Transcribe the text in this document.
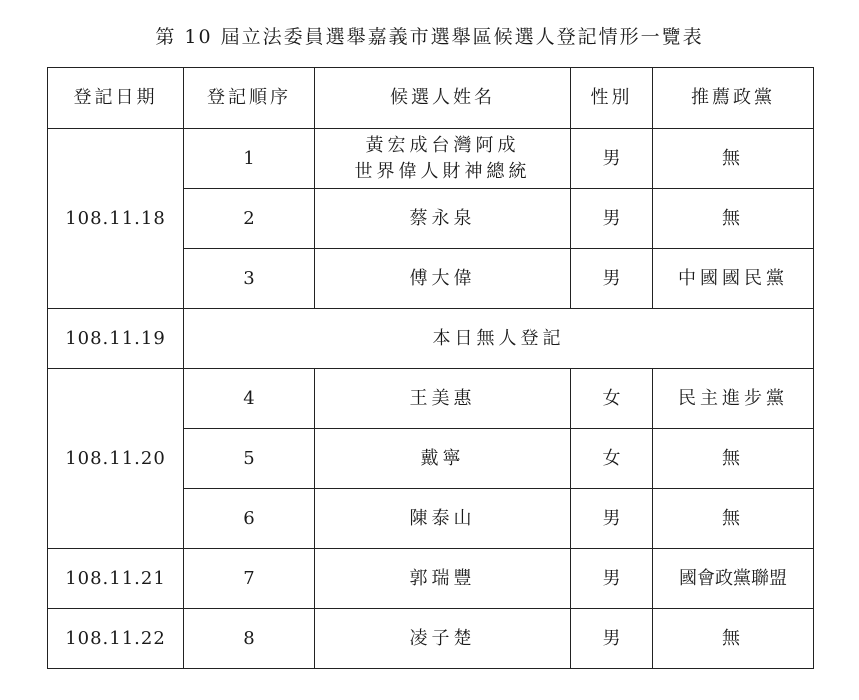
第 10 屆立法委員選舉嘉義市選舉區候選人登記情形一覽表
登記日期	登記順序	候選人姓名	性別	推薦政黨
108.11.18	1	黃宏成台灣阿成
世界偉人財神總統	男	無
	2	蔡永泉	男	無
	3	傅大偉	男	中國國民黨
108.11.19	本日無人登記			
108.11.20	4	王美惠	女	民主進步黨
	5	戴寧	女	無
	6	陳泰山	男	無
108.11.21	7	郭瑞豐	男	國會政黨聯盟
108.11.22	8	凌子楚	男	無
